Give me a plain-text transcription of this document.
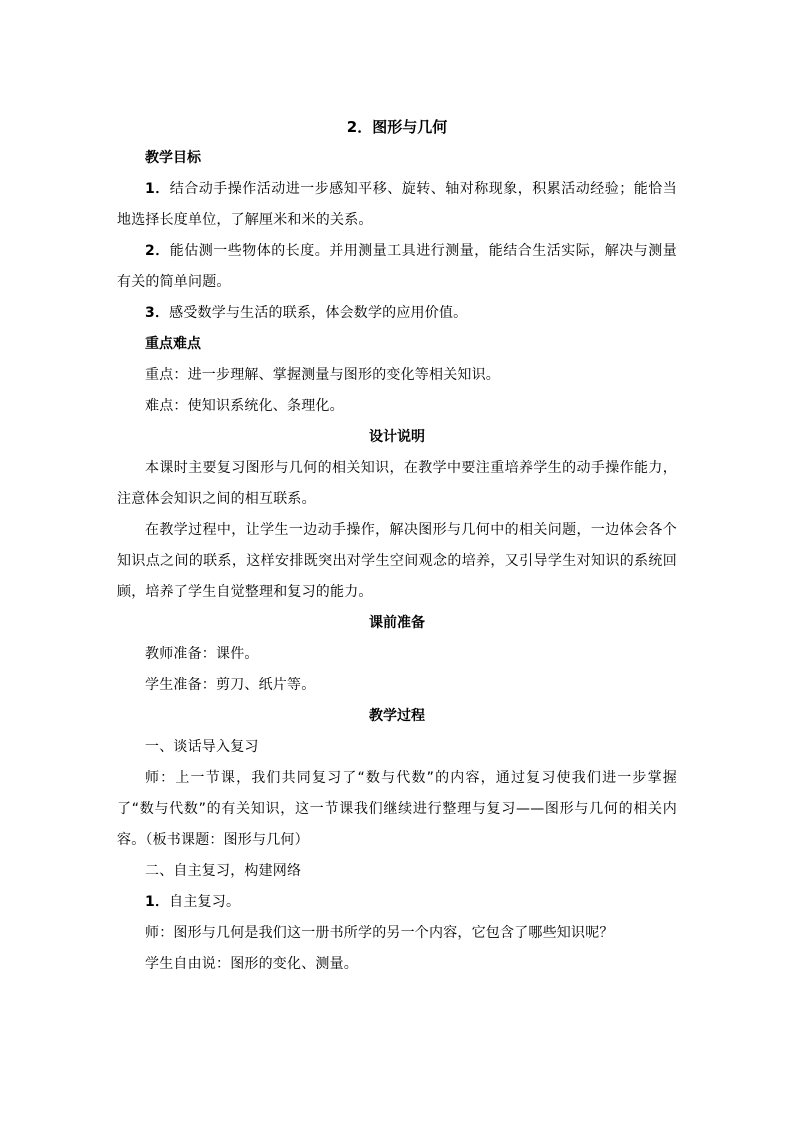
2．图形与几何
教学目标
1．结合动手操作活动进一步感知平移、旋转、轴对称现象，积累活动经验；能恰当地选择长度单位，了解厘米和米的关系。
2．能估测一些物体的长度。并用测量工具进行测量，能结合生活实际，解决与测量有关的简单问题。
3．感受数学与生活的联系，体会数学的应用价值。
重点难点
重点：进一步理解、掌握测量与图形的变化等相关知识。
难点：使知识系统化、条理化。
设计说明
本课时主要复习图形与几何的相关知识，在教学中要注重培养学生的动手操作能力，注意体会知识之间的相互联系。
在教学过程中，让学生一边动手操作，解决图形与几何中的相关问题，一边体会各个知识点之间的联系，这样安排既突出对学生空间观念的培养，又引导学生对知识的系统回顾，培养了学生自觉整理和复习的能力。
课前准备
教师准备：课件。
学生准备：剪刀、纸片等。
教学过程
一、谈话导入复习
师：上一节课，我们共同复习了“数与代数”的内容，通过复习使我们进一步掌握了“数与代数”的有关知识，这一节课我们继续进行整理与复习——图形与几何的相关内容。（板书课题：图形与几何）
二、自主复习，构建网络
1．自主复习。
师：图形与几何是我们这一册书所学的另一个内容，它包含了哪些知识呢？
学生自由说：图形的变化、测量。
